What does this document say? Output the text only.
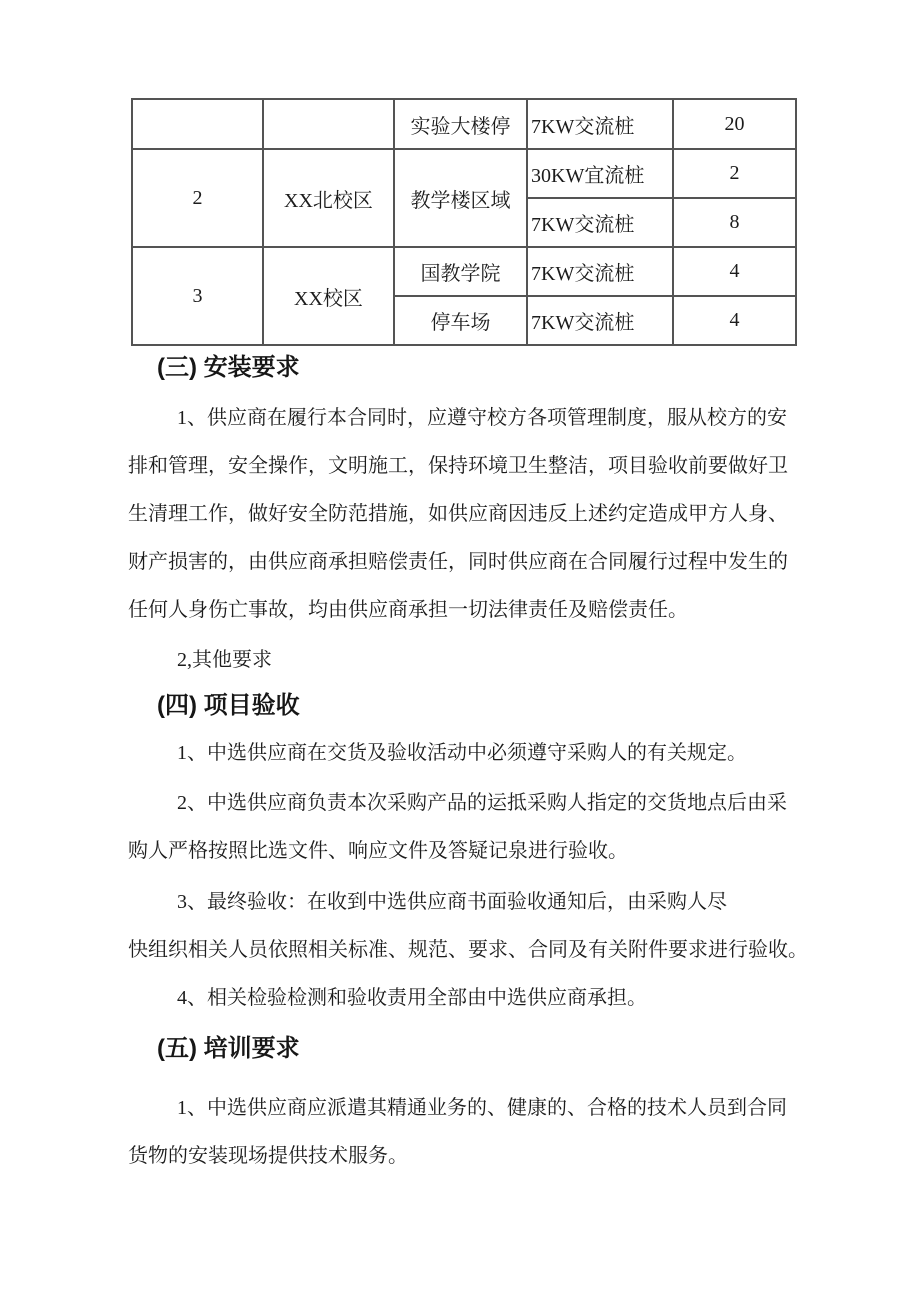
		实验大楼停	7KW交流桩	20
2	XX北校区	教学楼区域	30KW宜流桩	2
			7KW交流桩	8
3	XX校区	国教学院	7KW交流桩	4
		停车场	7KW交流桩	4
(三) 安装要求
1、供应商在履行本合同时，应遵守校方各项管理制度，服从校方的安
排和管理，安全操作，文明施工，保持环境卫生整洁，项目验收前要做好卫
生清理工作，做好安全防范措施，如供应商因违反上述约定造成甲方人身、
财产损害的，由供应商承担赔偿责任，同时供应商在合同履行过程中发生的
任何人身伤亡事故，均由供应商承担一切法律责任及赔偿责任。
2,其他要求
(四) 项目验收
1、中选供应商在交货及验收活动中必须遵守采购人的有关规定。
2、中选供应商负责本次采购产品的运抵采购人指定的交货地点后由采
购人严格按照比选文件、响应文件及答疑记泉进行验收。
3、最终验收：在收到中选供应商书面验收通知后，由采购人尽
快组织相关人员依照相关标准、规范、要求、合同及有关附件要求进行验收。
4、相关检验检测和验收责用全部由中选供应商承担。
(五) 培训要求
1、中选供应商应派遣其精通业务的、健康的、合格的技术人员到合同
货物的安装现场提供技术服务。
